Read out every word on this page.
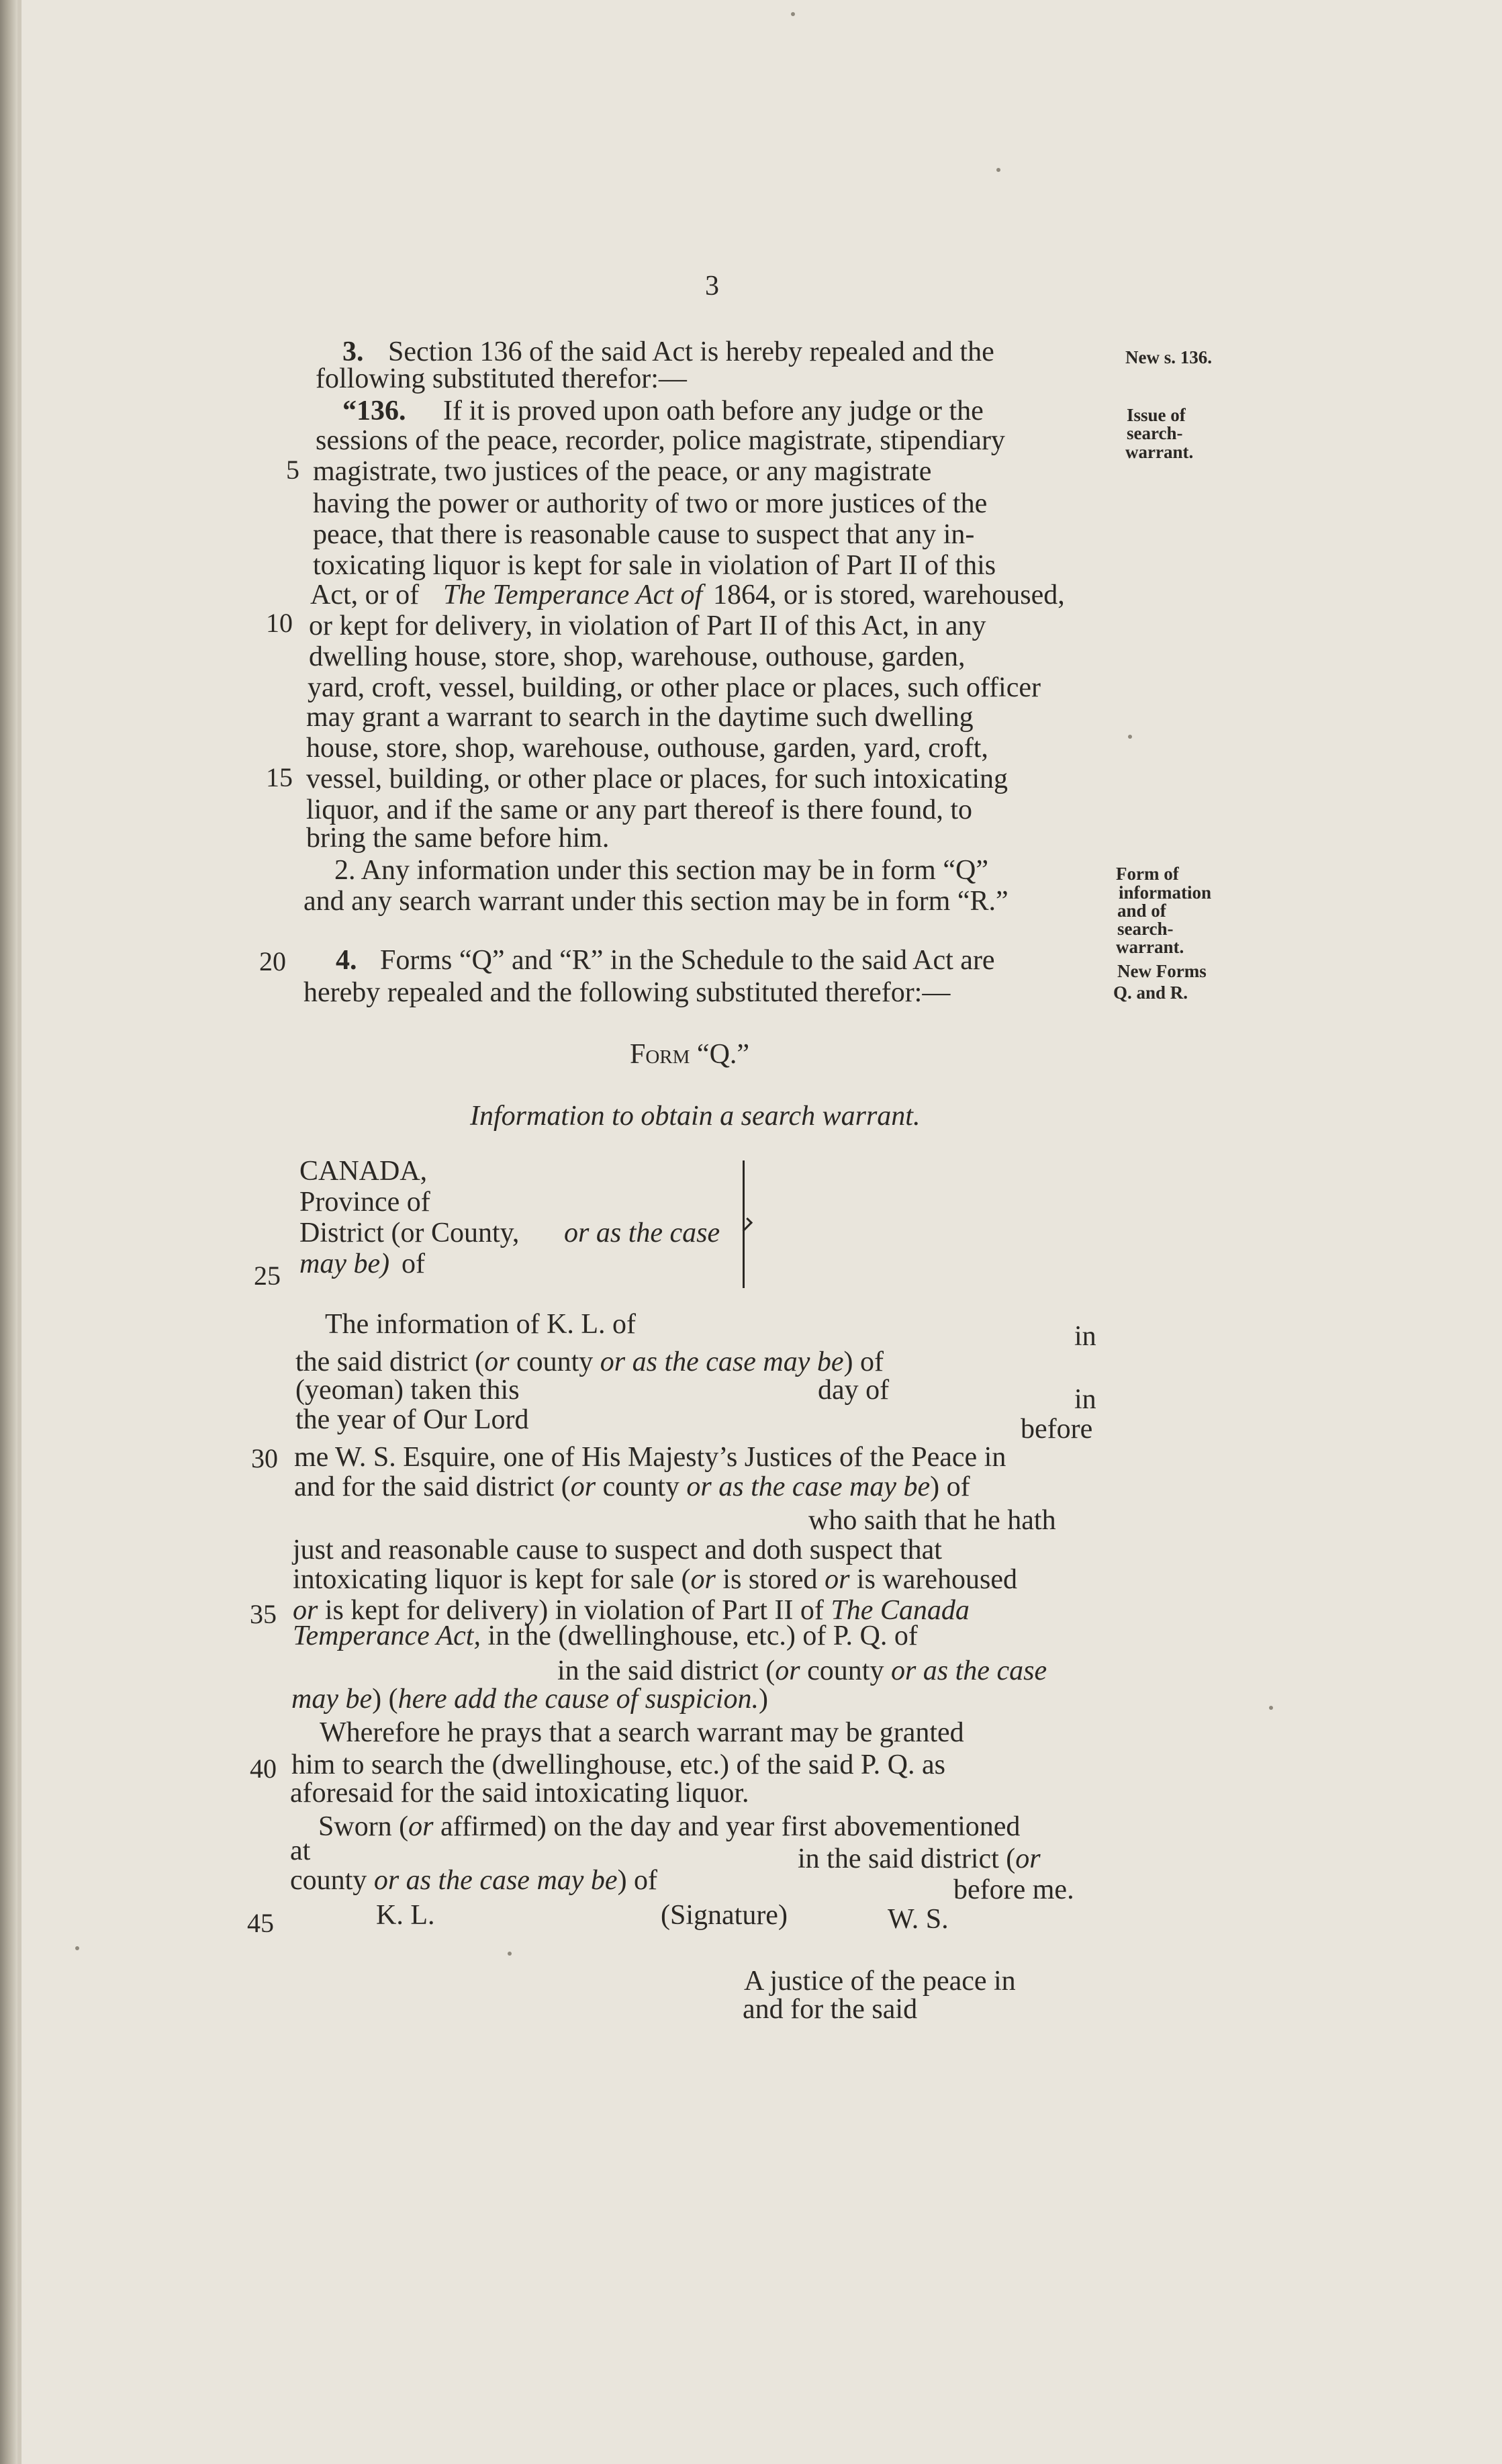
3
3. Section 136 of the said Act is hereby repealed and the
following substituted therefor:—
“136. If it is proved upon oath before any judge or the
sessions of the peace, recorder, police magistrate, stipendiary
magistrate, two justices of the peace, or any magistrate
having the power or authority of two or more justices of the
peace, that there is reasonable cause to suspect that any in-
toxicating liquor is kept for sale in violation of Part II of this
Act, or of The Temperance Act of 1864, or is stored, warehoused,
or kept for delivery, in violation of Part II of this Act, in any
dwelling house, store, shop, warehouse, outhouse, garden,
yard, croft, vessel, building, or other place or places, such officer
may grant a warrant to search in the daytime such dwelling
house, store, shop, warehouse, outhouse, garden, yard, croft,
vessel, building, or other place or places, for such intoxicating
liquor, and if the same or any part thereof is there found, to
bring the same before him.
2. Any information under this section may be in form “Q”
and any search warrant under this section may be in form “R.”
4. Forms “Q” and “R” in the Schedule to the said Act are
hereby repealed and the following substituted therefor:—
5
10
15
20
25
30
35
40
45
New s. 136.
Issue of
search-
warrant.
Form of
information
and of
search-
warrant.
New Forms
Q. and R.
Form “Q.”
Information to obtain a search warrant.
CANADA,
Province of
District (or County, or as the case
may be) of
The information of K. L. of	in
the said district (or county or as the case may be) of
(yeoman) taken this	day of	in
the year of Our Lord	before
me W. S. Esquire, one of His Majesty’s Justices of the Peace in
and for the said district (or county or as the case may be) of
who saith that he hath
just and reasonable cause to suspect and doth suspect that
intoxicating liquor is kept for sale (or is stored or is warehoused
or is kept for delivery) in violation of Part II of The Canada
Temperance Act, in the (dwellinghouse, etc.) of P. Q. of
in the said district (or county or as the case
may be) (here add the cause of suspicion.)
Wherefore he prays that a search warrant may be granted
him to search the (dwellinghouse, etc.) of the said P. Q. as
aforesaid for the said intoxicating liquor.
Sworn (or affirmed) on the day and year first abovementioned
at	in the said district (or
county or as the case may be) of	before me.
K. L.	(Signature)	W. S.
A justice of the peace in
and for the said
